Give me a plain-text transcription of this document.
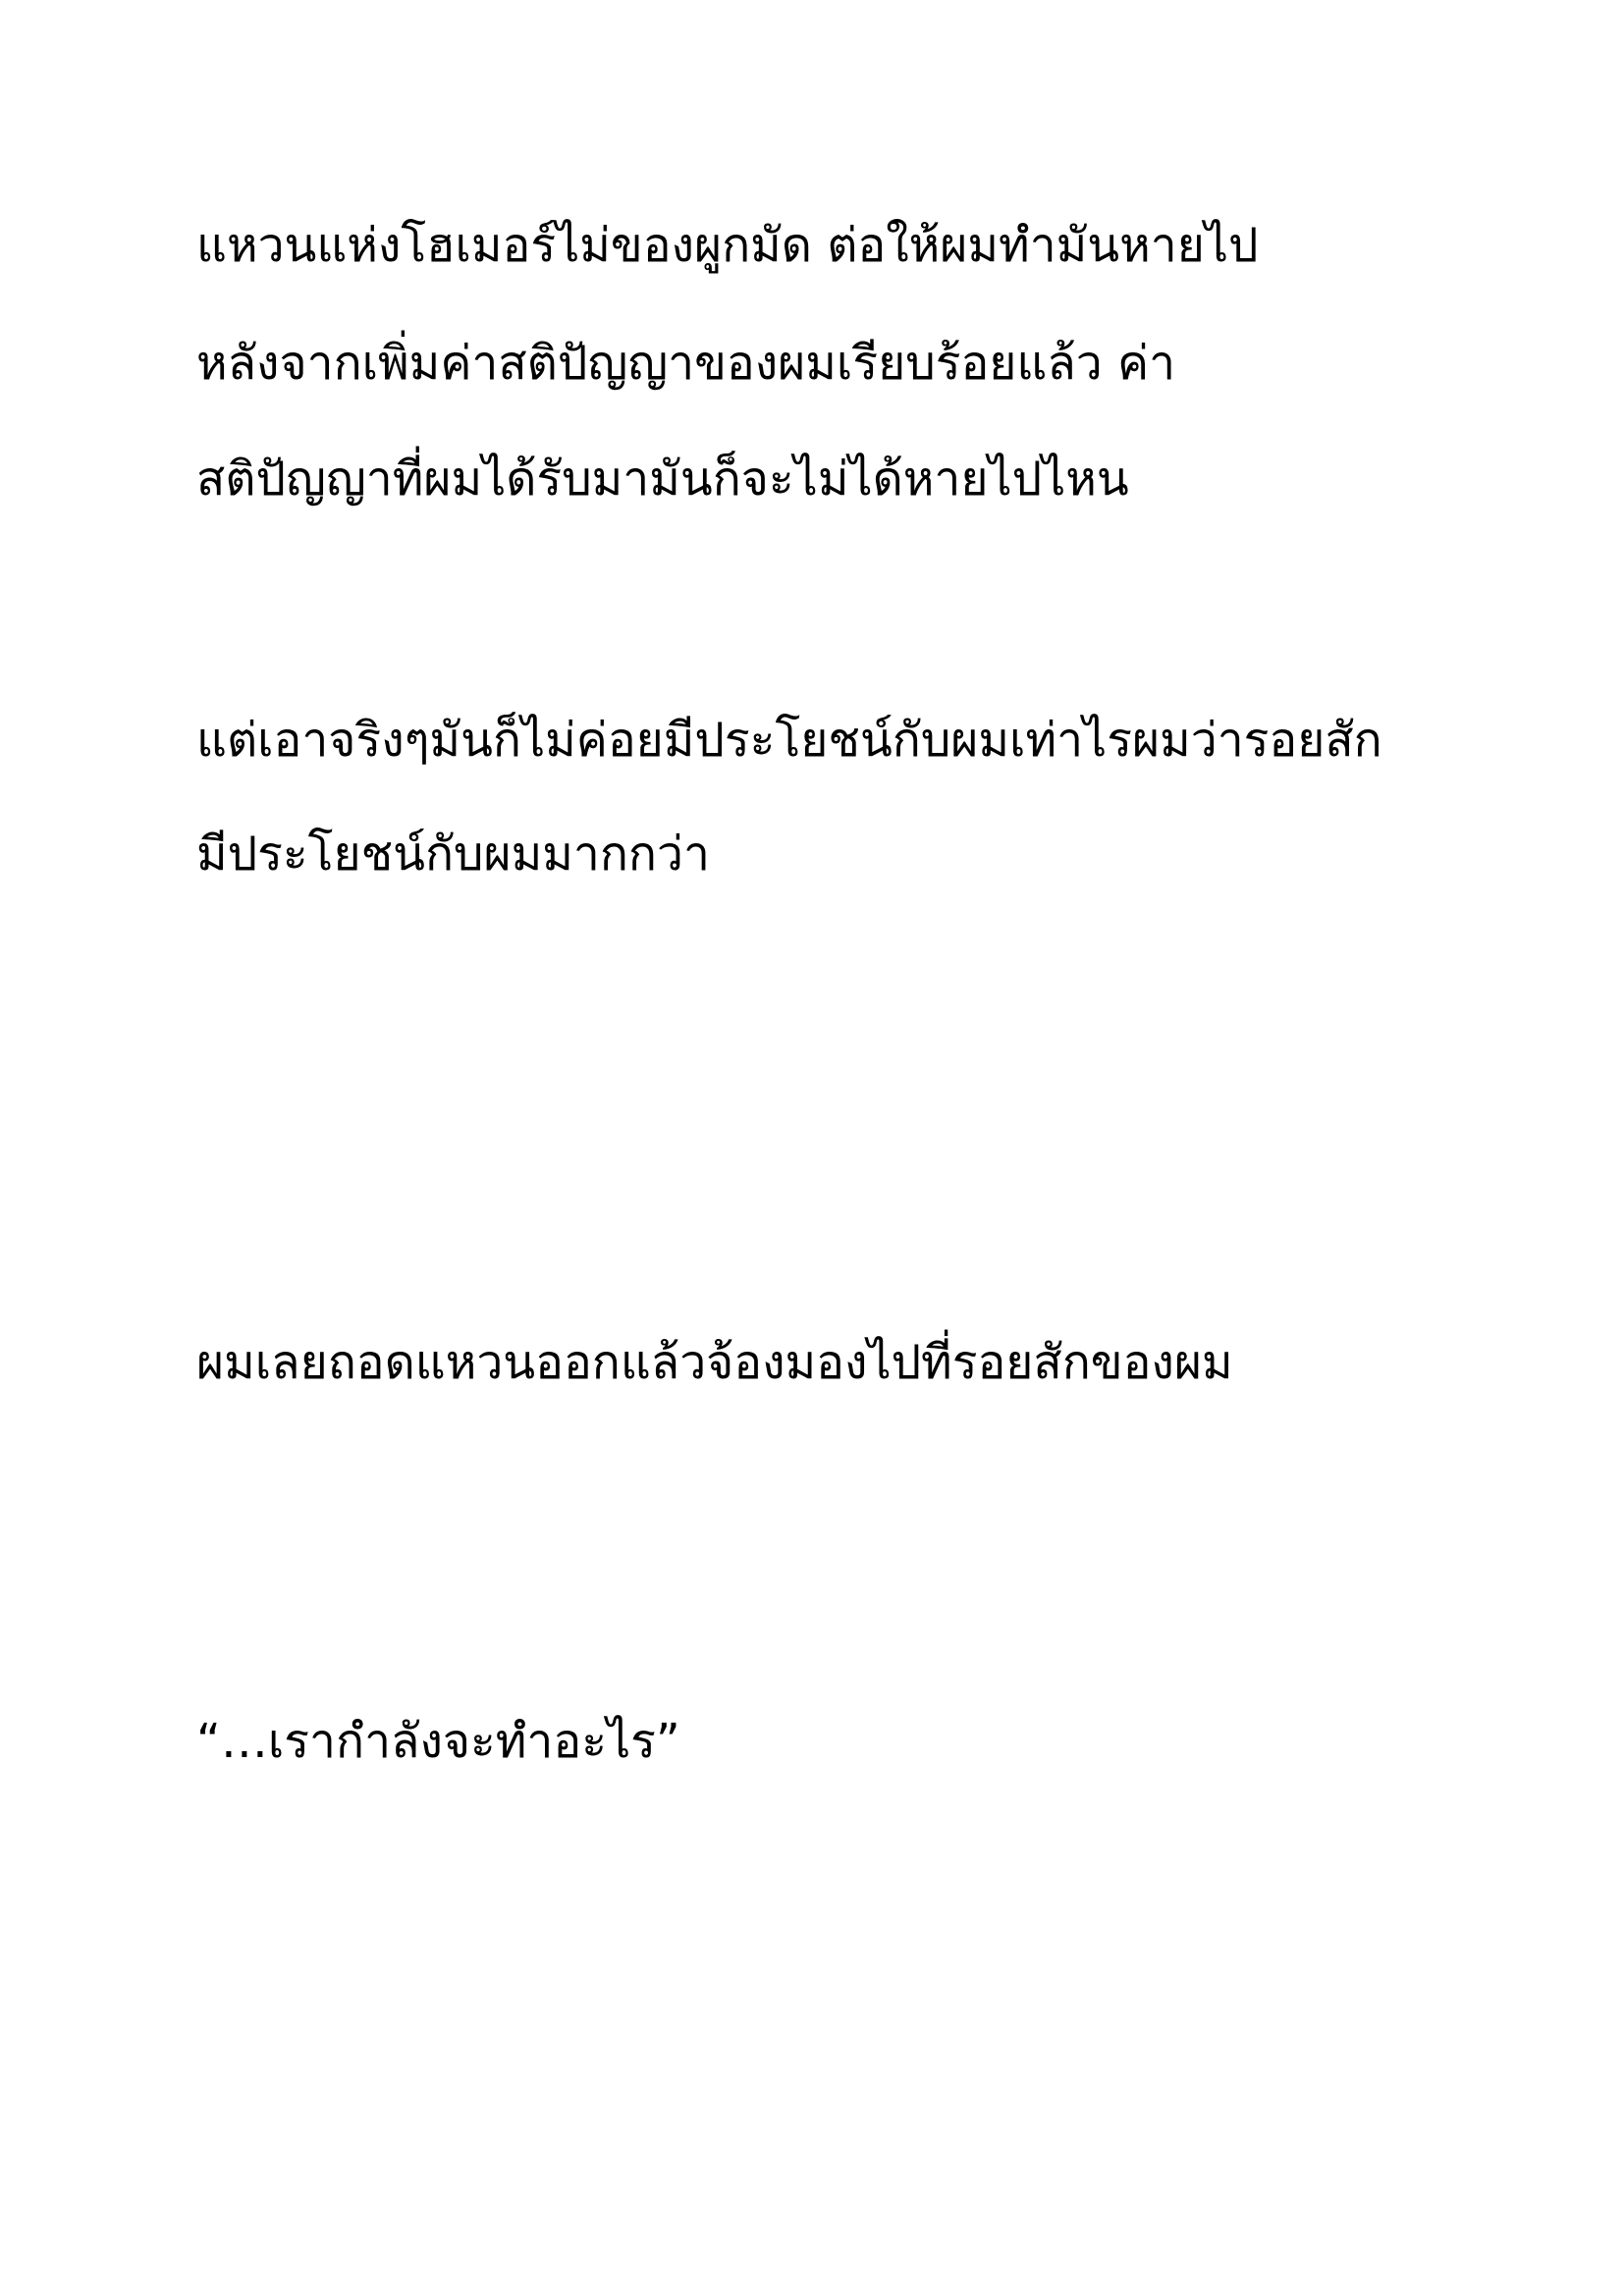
แหวนแห่งโฮเมอร์ไม่ของผูกมัด ต่อให้ผมทำมันหายไป

หลังจากเพิ่มค่าสติปัญญาของผมเรียบร้อยแล้ว ค่า

สติปัญญาที่ผมได้รับมามันก็จะไม่ได้หายไปไหน

แต่เอาจริงๆมันก็ไม่ค่อยมีประโยชน์กับผมเท่าไรผมว่ารอยสัก

มีประโยชน์กับผมมากกว่า

ผมเลยถอดแหวนออกแล้วจ้องมองไปที่รอยสักของผม

“…เรากำลังจะทำอะไร”
